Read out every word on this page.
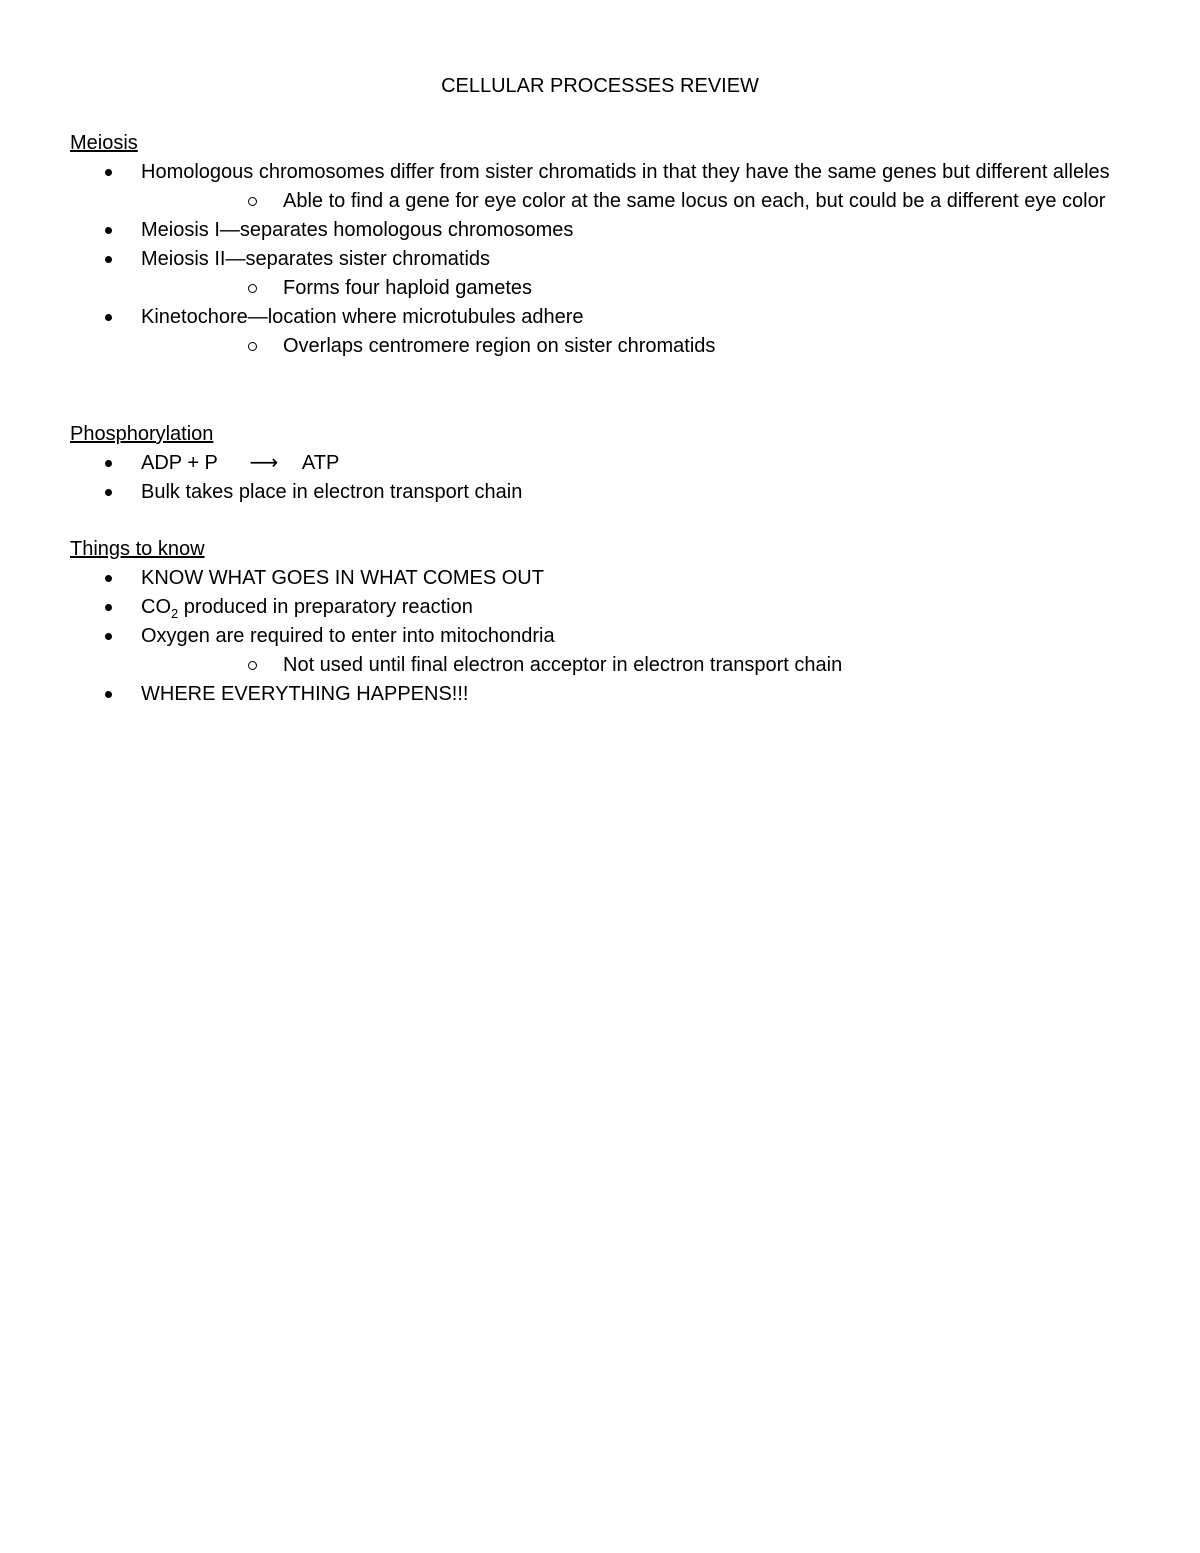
CELLULAR PROCESSES REVIEW
Meiosis
Homologous chromosomes differ from sister chromatids in that they have the same genes but different alleles
Able to find a gene for eye color at the same locus on each, but could be a different eye color
Meiosis I—separates homologous chromosomes
Meiosis II—separates sister chromatids
Forms four haploid gametes
Kinetochore—location where microtubules adhere
Overlaps centromere region on sister chromatids
Phosphorylation
ADP + P ⟶ ATP
Bulk takes place in electron transport chain
Things to know
KNOW WHAT GOES IN WHAT COMES OUT
$CO_2$ produced in preparatory reaction
Oxygen are required to enter into mitochondria
Not used until final electron acceptor in electron transport chain
WHERE EVERYTHING HAPPENS!!!
